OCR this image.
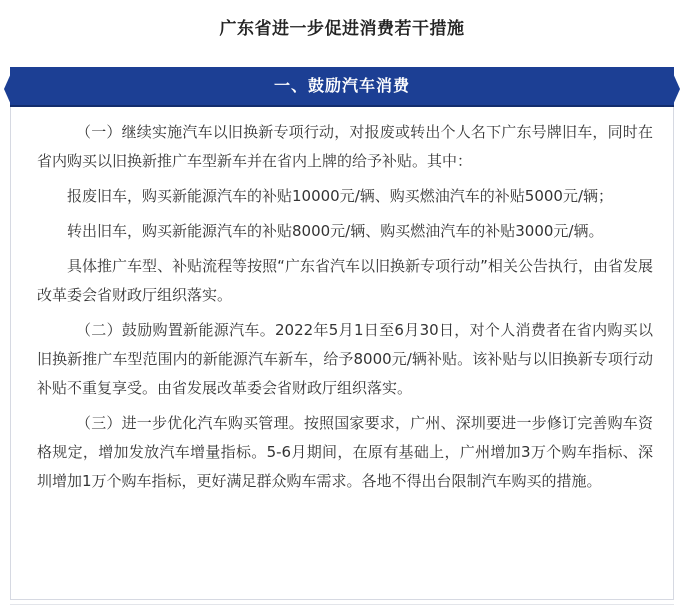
广东省进一步促进消费若干措施
一、鼓励汽车消费

（一）继续实施汽车以旧换新专项行动，对报废或转出个人名下广东号牌旧车，同时在省内购买以旧换新推广车型新车并在省内上牌的给予补贴。其中：

报废旧车，购买新能源汽车的补贴10000元/辆、购买燃油汽车的补贴5000元/辆；

转出旧车，购买新能源汽车的补贴8000元/辆、购买燃油汽车的补贴3000元/辆。

具体推广车型、补贴流程等按照“广东省汽车以旧换新专项行动”相关公告执行，由省发展改革委会省财政厅组织落实。

（二）鼓励购置新能源汽车。2022年5月1日至6月30日，对个人消费者在省内购买以旧换新推广车型范围内的新能源汽车新车，给予8000元/辆补贴。该补贴与以旧换新专项行动补贴不重复享受。由省发展改革委会省财政厅组织落实。

（三）进一步优化汽车购买管理。按照国家要求，广州、深圳要进一步修订完善购车资格规定，增加发放汽车增量指标。5-6月期间，在原有基础上，广州增加3万个购车指标、深圳增加1万个购车指标，更好满足群众购车需求。各地不得出台限制汽车购买的措施。
